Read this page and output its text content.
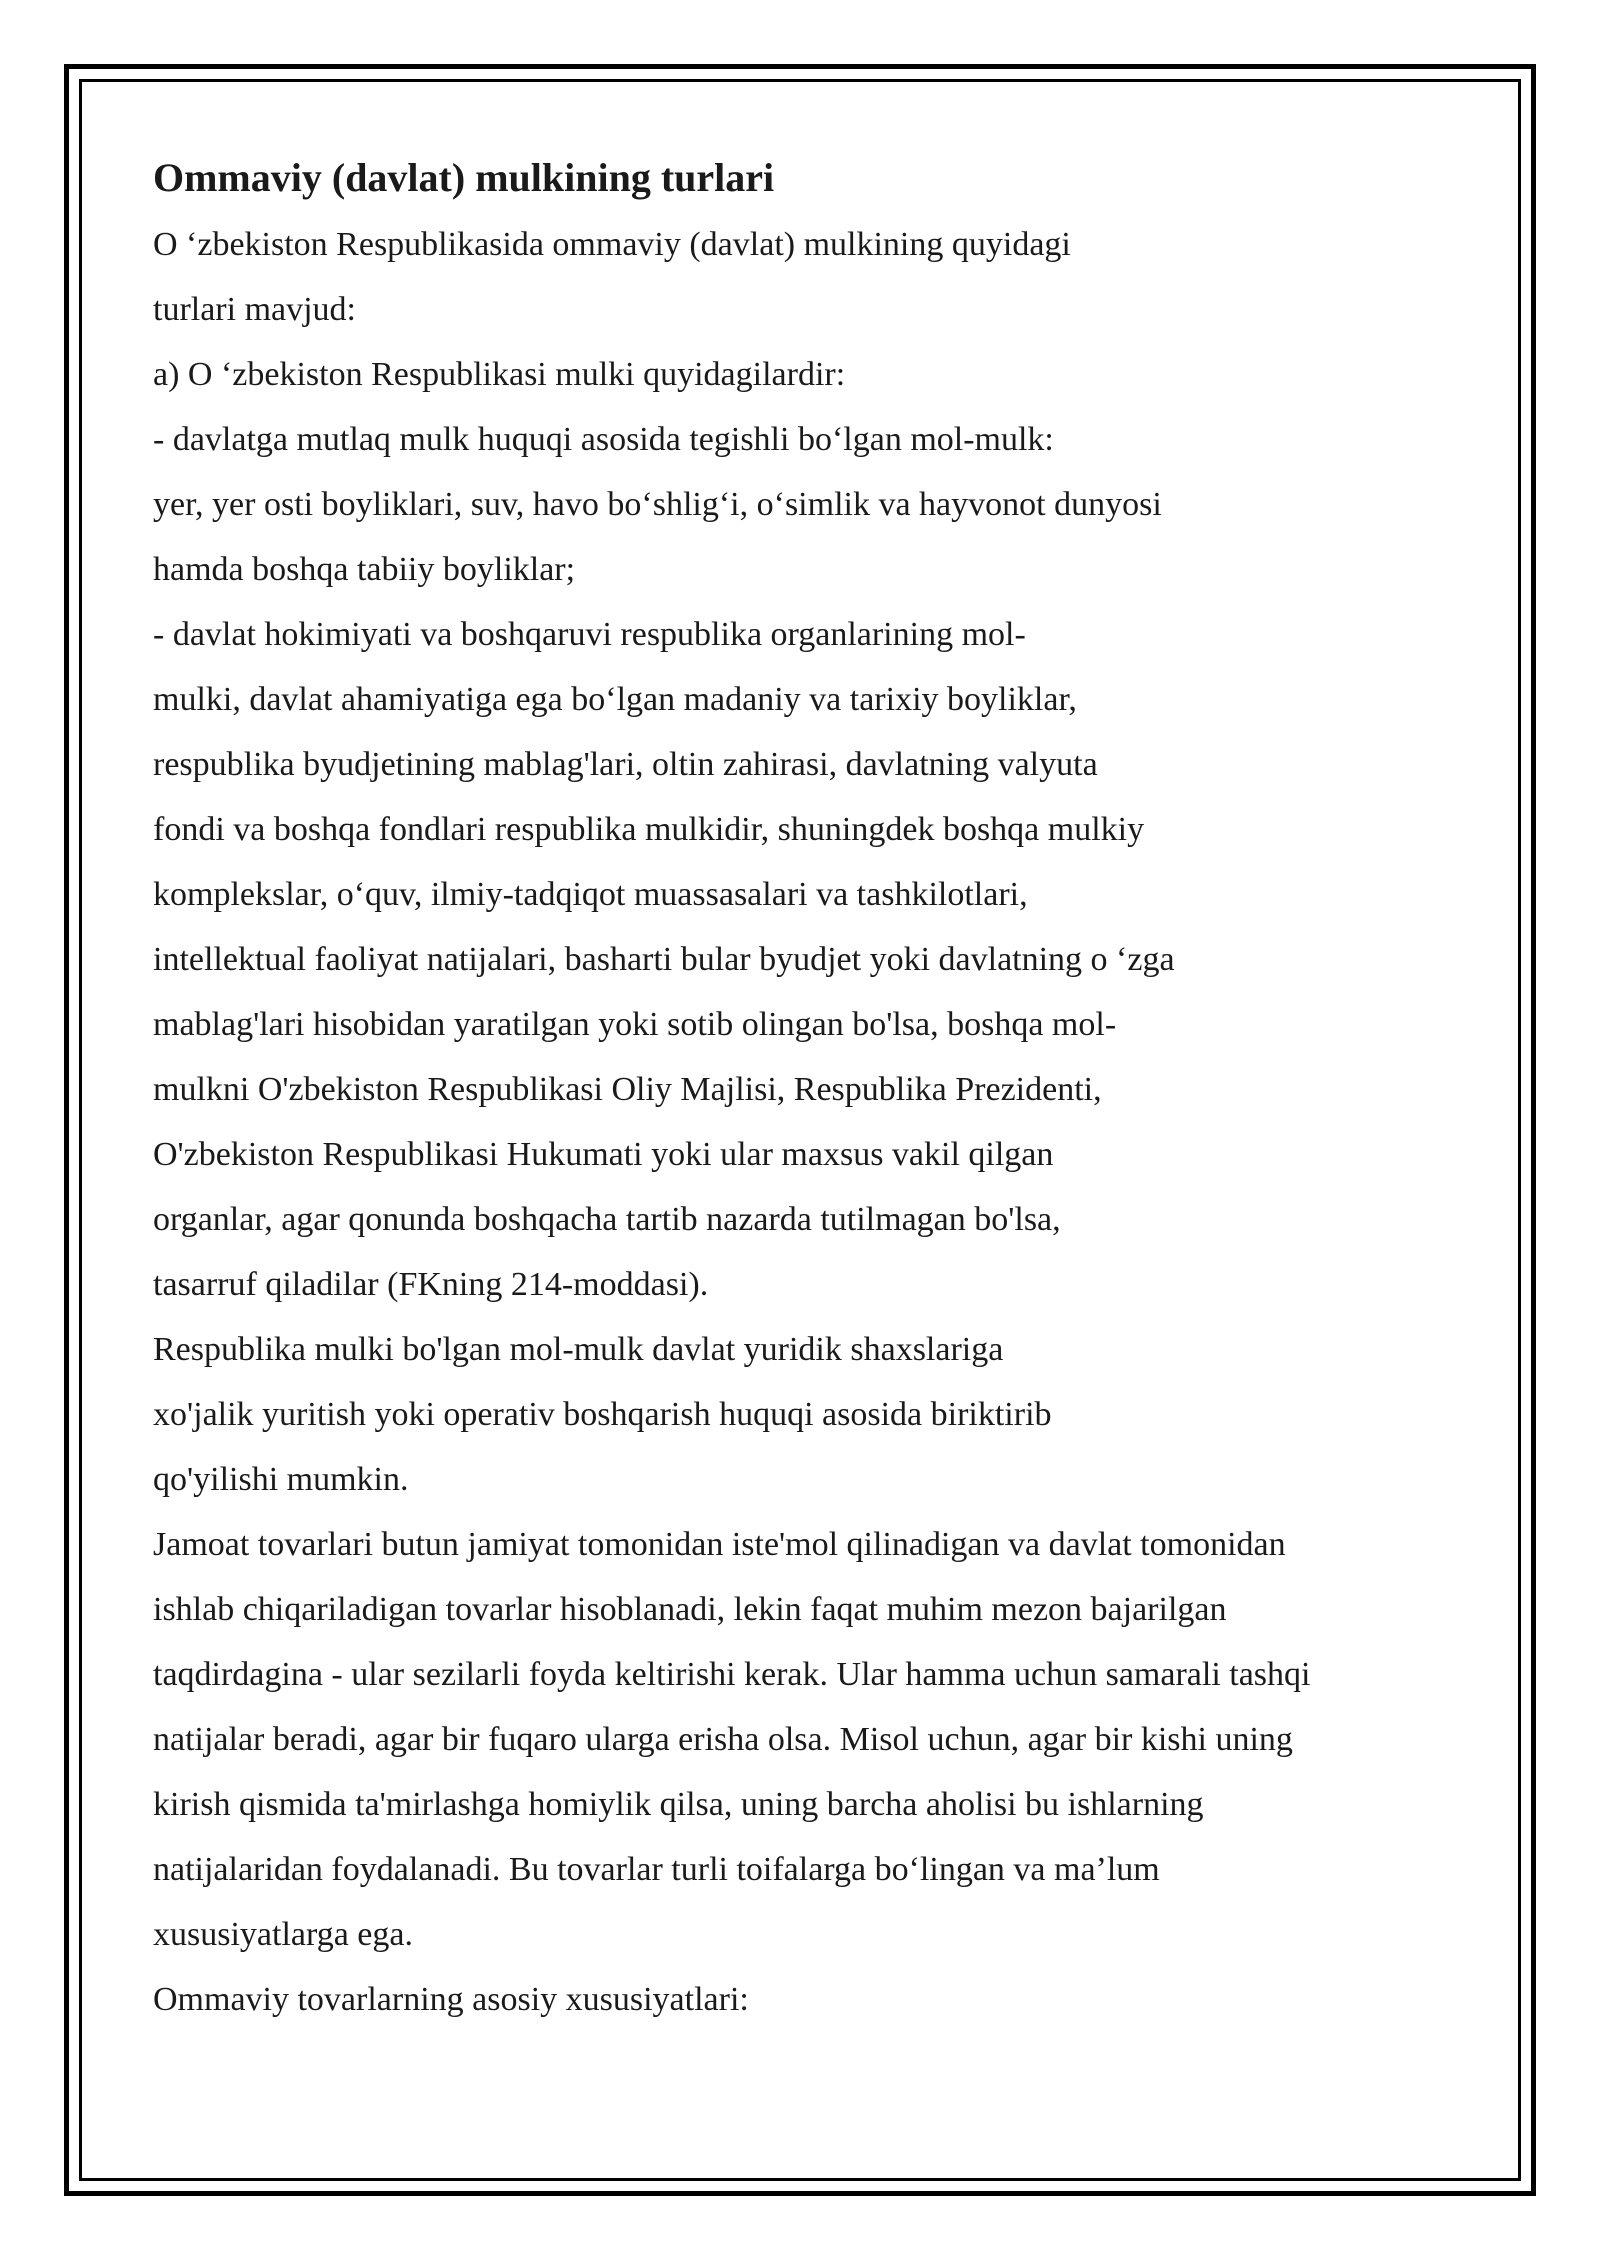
Ommaviy (davlat) mulkining turlari
O ‘zbekiston Respublikasida ommaviy (davlat) mulkining quyidagi
turlari mavjud:
a) O ‘zbekiston Respublikasi mulki quyidagilardir:
- davlatga mutlaq mulk huquqi asosida tegishli bo‘lgan mol-mulk:
yer, yer osti boyliklari, suv, havo bo‘shlig‘i, o‘simlik va hayvonot dunyosi
hamda boshqa tabiiy boyliklar;
- davlat hokimiyati va boshqaruvi respublika organlarining mol-
mulki, davlat ahamiyatiga ega bo‘lgan madaniy va tarixiy boyliklar,
respublika byudjetining mablag'lari, oltin zahirasi, davlatning valyuta
fondi va boshqa fondlari respublika mulkidir, shuningdek boshqa mulkiy
komplekslar, o‘quv, ilmiy-tadqiqot muassasalari va tashkilotlari,
intellektual faoliyat natijalari, basharti bular byudjet yoki davlatning o ‘zga
mablag'lari hisobidan yaratilgan yoki sotib olingan bo'lsa, boshqa mol-
mulkni O'zbekiston Respublikasi Oliy Majlisi, Respublika Prezidenti,
O'zbekiston Respublikasi Hukumati yoki ular maxsus vakil qilgan
organlar, agar qonunda boshqacha tartib nazarda tutilmagan bo'lsa,
tasarruf qiladilar (FKning 214-moddasi).
Respublika mulki bo'lgan mol-mulk davlat yuridik shaxslariga
xo'jalik yuritish yoki operativ boshqarish huquqi asosida biriktirib
qo'yilishi mumkin.
Jamoat tovarlari butun jamiyat tomonidan iste'mol qilinadigan va davlat tomonidan
ishlab chiqariladigan tovarlar hisoblanadi, lekin faqat muhim mezon bajarilgan
taqdirdagina - ular sezilarli foyda keltirishi kerak. Ular hamma uchun samarali tashqi
natijalar beradi, agar bir fuqaro ularga erisha olsa. Misol uchun, agar bir kishi uning
kirish qismida ta'mirlashga homiylik qilsa, uning barcha aholisi bu ishlarning
natijalaridan foydalanadi. Bu tovarlar turli toifalarga bo‘lingan va ma’lum
xususiyatlarga ega.
Ommaviy tovarlarning asosiy xususiyatlari:
